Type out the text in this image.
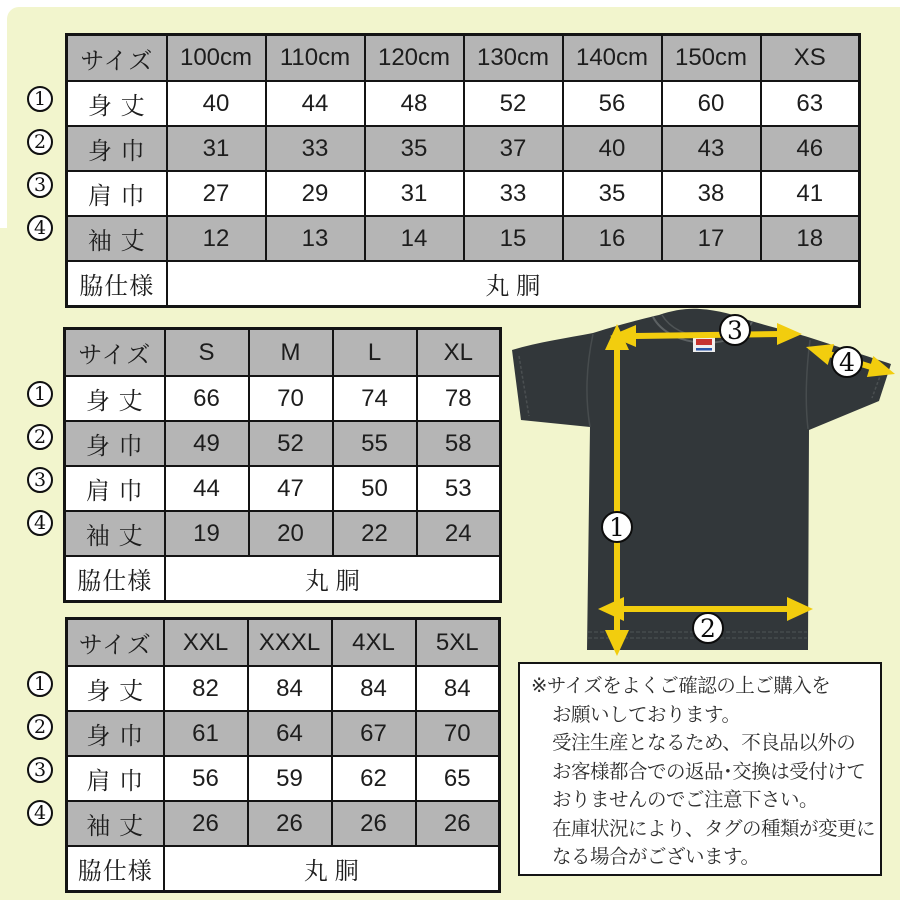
サイズ	100cm	110cm	120cm	130cm	140cm	150cm	XS
身 丈	40	44	48	52	56	60	63
身 巾	31	33	35	37	40	43	46
肩 巾	27	29	31	33	35	38	41
袖 丈	12	13	14	15	16	17	18
脇仕様	丸 胴						
サイズ	S	M	L	XL
身 丈	66	70	74	78
身 巾	49	52	55	58
肩 巾	44	47	50	53
袖 丈	19	20	22	24
脇仕様	丸 胴			
サイズ	XXL	XXXL	4XL	5XL
身 丈	82	84	84	84
身 巾	61	64	67	70
肩 巾	56	59	62	65
袖 丈	26	26	26	26
脇仕様	丸 胴			
1
2
3
4

※サイズをよくご確認の上ご購入を

お願いしております。

受注生産となるため、不良品以外の

お客様都合での返品･交換は受付けて

おりませんのでご注意下さい。

在庫状況により、タグの種類が変更に

なる場合がございます。

1
2
3
4
1
2
3
4
1
2
3
4
